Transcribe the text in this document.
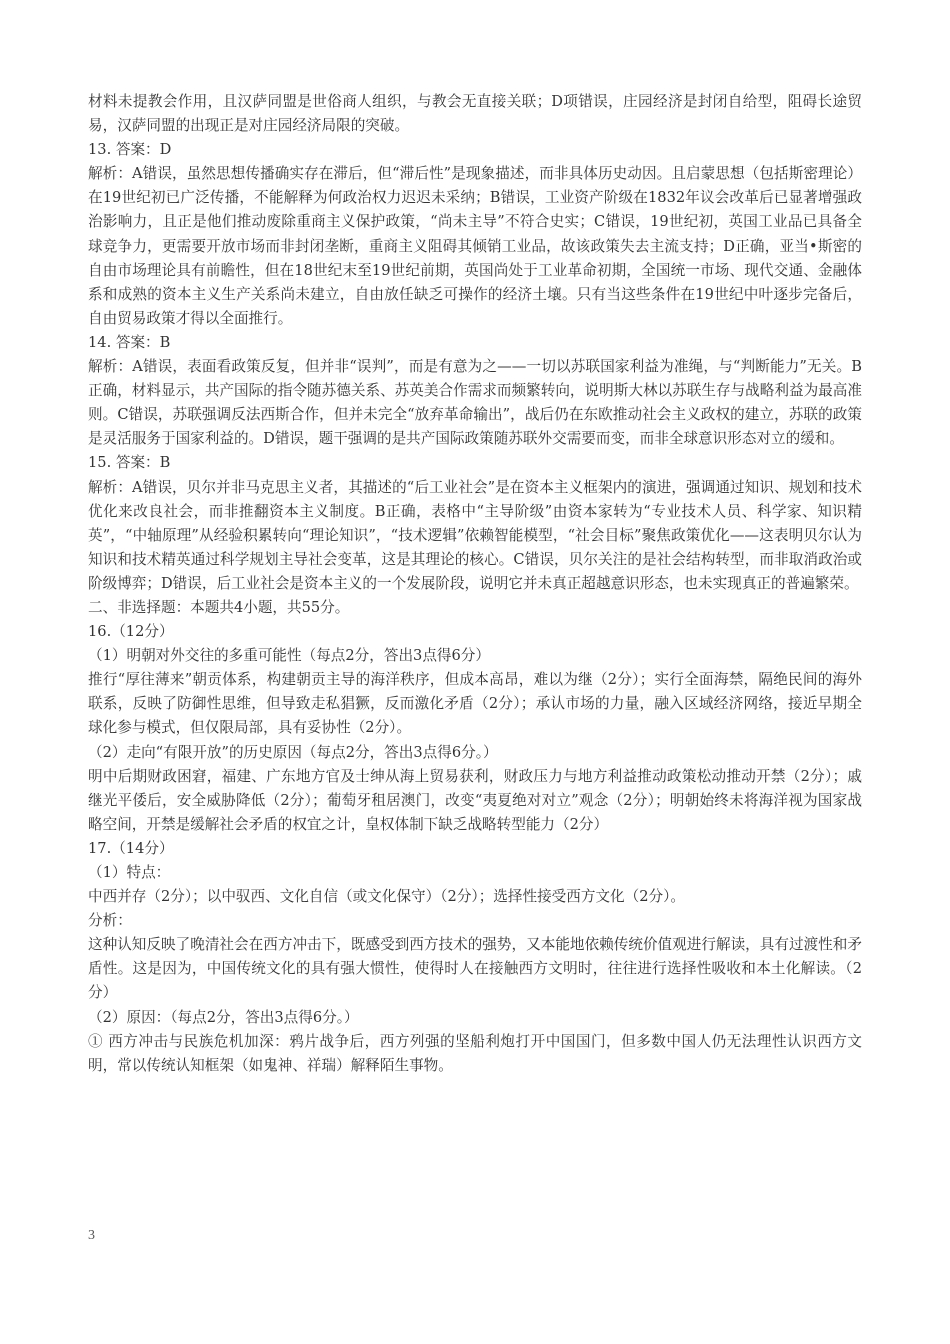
材料未提教会作用，且汉萨同盟是世俗商人组织，与教会无直接关联；D项错误，庄园经济是封闭自给型，阻碍长途贸易，汉萨同盟的出现正是对庄园经济局限的突破。

13. 答案：D

解析：A错误，虽然思想传播确实存在滞后，但“滞后性”是现象描述，而非具体历史动因。且启蒙思想（包括斯密理论）在19世纪初已广泛传播，不能解释为何政治权力迟迟未采纳；B错误，工业资产阶级在1832年议会改革后已显著增强政治影响力，且正是他们推动废除重商主义保护政策，“尚未主导”不符合史实；C错误，19世纪初，英国工业品已具备全球竞争力，更需要开放市场而非封闭垄断，重商主义阻碍其倾销工业品，故该政策失去主流支持；D正确，亚当•斯密的自由市场理论具有前瞻性，但在18世纪末至19世纪前期，英国尚处于工业革命初期，全国统一市场、现代交通、金融体系和成熟的资本主义生产关系尚未建立，自由放任缺乏可操作的经济土壤。只有当这些条件在19世纪中叶逐步完备后，自由贸易政策才得以全面推行。

14. 答案：B

解析：A错误，表面看政策反复，但并非“误判”，而是有意为之——一切以苏联国家利益为准绳，与“判断能力”无关。B正确，材料显示，共产国际的指令随苏德关系、苏英美合作需求而频繁转向，说明斯大林以苏联生存与战略利益为最高准则。C错误，苏联强调反法西斯合作，但并未完全“放弃革命输出”，战后仍在东欧推动社会主义政权的建立，苏联的政策是灵活服务于国家利益的。D错误，题干强调的是共产国际政策随苏联外交需要而变，而非全球意识形态对立的缓和。

15. 答案：B

解析：A错误，贝尔并非马克思主义者，其描述的“后工业社会”是在资本主义框架内的演进，强调通过知识、规划和技术优化来改良社会，而非推翻资本主义制度。B正确，表格中“主导阶级”由资本家转为“专业技术人员、科学家、知识精英”，“中轴原理”从经验积累转向“理论知识”，“技术逻辑”依赖智能模型，“社会目标”聚焦政策优化——这表明贝尔认为知识和技术精英通过科学规划主导社会变革，这是其理论的核心。C错误，贝尔关注的是社会结构转型，而非取消政治或阶级博弈；D错误，后工业社会是资本主义的一个发展阶段，说明它并未真正超越意识形态，也未实现真正的普遍繁荣。

二、非选择题：本题共4小题，共55分。

16.（12分）

（1）明朝对外交往的多重可能性（每点2分，答出3点得6分）

推行“厚往薄来”朝贡体系，构建朝贡主导的海洋秩序，但成本高昂，难以为继（2分）；实行全面海禁，隔绝民间的海外联系，反映了防御性思维，但导致走私猖獗，反而激化矛盾（2分）；承认市场的力量，融入区域经济网络，接近早期全球化参与模式，但仅限局部，具有妥协性（2分）。

（2）走向“有限开放”的历史原因（每点2分，答出3点得6分。）

明中后期财政困窘，福建、广东地方官及士绅从海上贸易获利，财政压力与地方利益推动政策松动推动开禁（2分）；戚继光平倭后，安全威胁降低（2分）；葡萄牙租居澳门，改变“夷夏绝对对立”观念（2分）；明朝始终未将海洋视为国家战略空间，开禁是缓解社会矛盾的权宜之计，皇权体制下缺乏战略转型能力（2分）

17.（14分）

（1）特点：

中西并存（2分）；以中驭西、文化自信（或文化保守）（2分）；选择性接受西方文化（2分）。

分析：

这种认知反映了晚清社会在西方冲击下，既感受到西方技术的强势，又本能地依赖传统价值观进行解读，具有过渡性和矛盾性。这是因为，中国传统文化的具有强大惯性，使得时人在接触西方文明时，往往进行选择性吸收和本土化解读。（2分）

（2）原因：（每点2分，答出3点得6分。）

① 西方冲击与民族危机加深：鸦片战争后，西方列强的坚船利炮打开中国国门，但多数中国人仍无法理性认识西方文明，常以传统认知框架（如鬼神、祥瑞）解释陌生事物。

3
